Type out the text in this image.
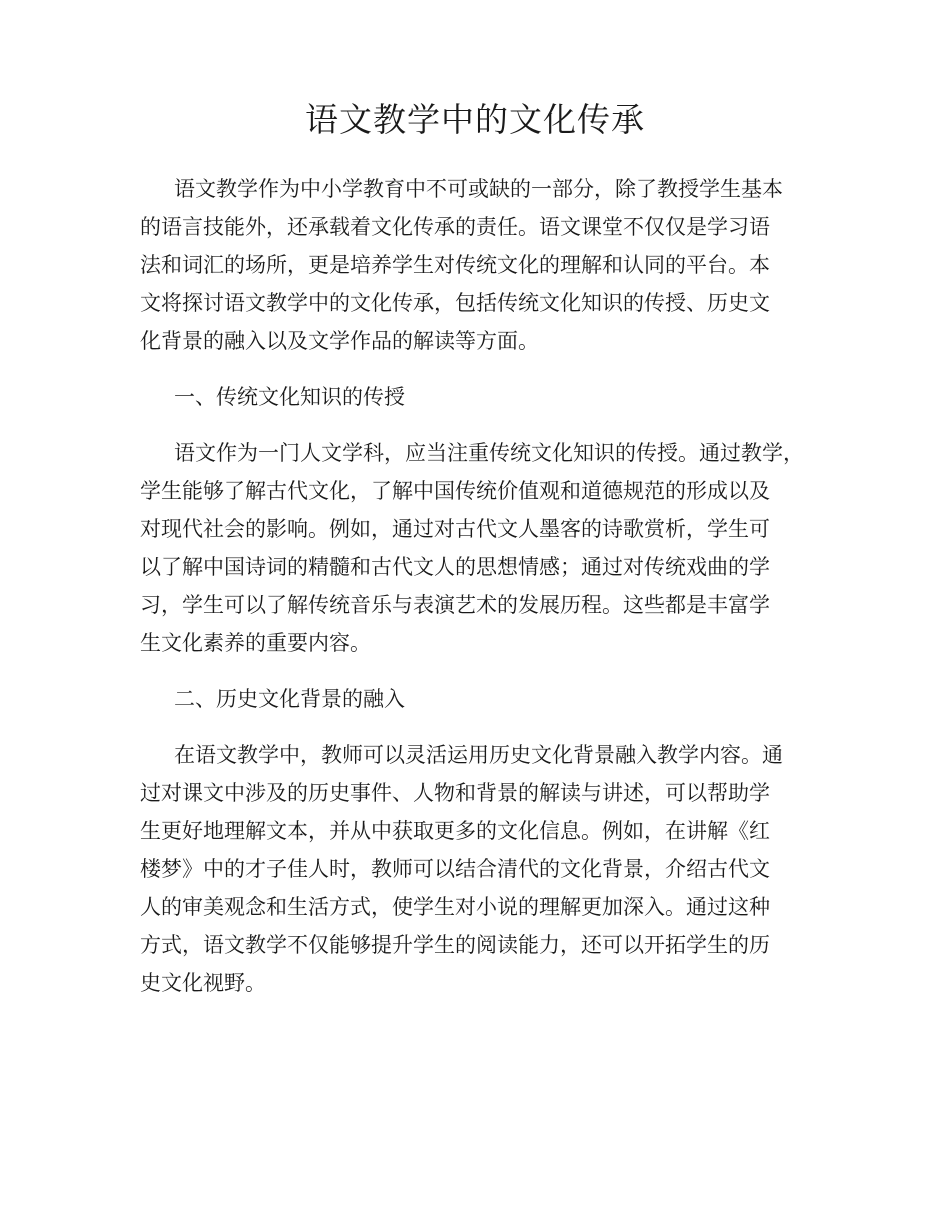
语文教学中的文化传承
语文教学作为中小学教育中不可或缺的一部分，除了教授学生基本
的语言技能外，还承载着文化传承的责任。语文课堂不仅仅是学习语
法和词汇的场所，更是培养学生对传统文化的理解和认同的平台。本
文将探讨语文教学中的文化传承，包括传统文化知识的传授、历史文
化背景的融入以及文学作品的解读等方面。
一、传统文化知识的传授
语文作为一门人文学科，应当注重传统文化知识的传授。通过教学，
学生能够了解古代文化，了解中国传统价值观和道德规范的形成以及
对现代社会的影响。例如，通过对古代文人墨客的诗歌赏析，学生可
以了解中国诗词的精髓和古代文人的思想情感；通过对传统戏曲的学
习，学生可以了解传统音乐与表演艺术的发展历程。这些都是丰富学
生文化素养的重要内容。
二、历史文化背景的融入
在语文教学中，教师可以灵活运用历史文化背景融入教学内容。通
过对课文中涉及的历史事件、人物和背景的解读与讲述，可以帮助学
生更好地理解文本，并从中获取更多的文化信息。例如，在讲解《红
楼梦》中的才子佳人时，教师可以结合清代的文化背景，介绍古代文
人的审美观念和生活方式，使学生对小说的理解更加深入。通过这种
方式，语文教学不仅能够提升学生的阅读能力，还可以开拓学生的历
史文化视野。
